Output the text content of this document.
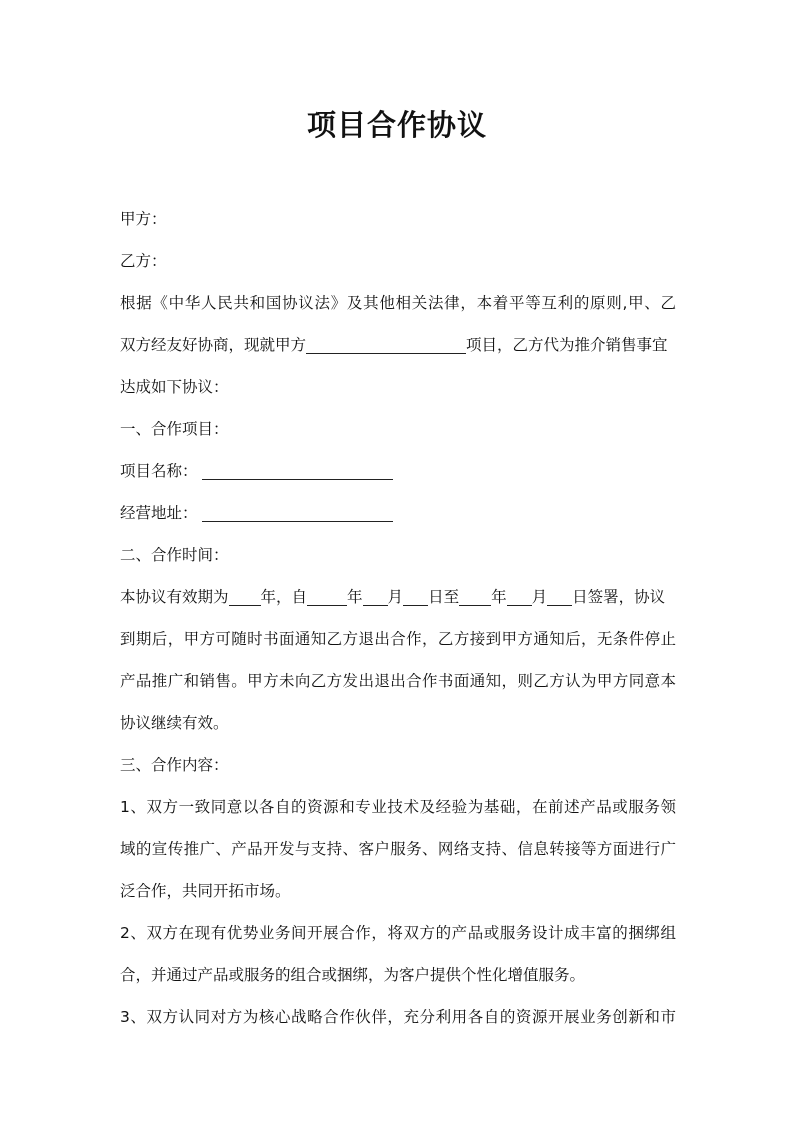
项目合作协议
甲方：
乙方：
根据《中华人民共和国协议法》及其他相关法律，本着平等互利的原则,甲、乙
双方经友好协商，现就甲方	项目，乙方代为推介销售事宜
达成如下协议：
一、合作项目：
项目名称：
经营地址：
二、合作时间：
本协议有效期为 年，自	年 月 日至 年 月 日签署，协议
到期后，甲方可随时书面通知乙方退出合作，乙方接到甲方通知后，无条件停止
产品推广和销售。甲方未向乙方发出退出合作书面通知，则乙方认为甲方同意本
协议继续有效。
三、合作内容：
1、双方一致同意以各自的资源和专业技术及经验为基础，在前述产品或服务领
域的宣传推广、产品开发与支持、客户服务、网络支持、信息转接等方面进行广
泛合作，共同开拓市场。
2、双方在现有优势业务间开展合作，将双方的产品或服务设计成丰富的捆绑组
合，并通过产品或服务的组合或捆绑，为客户提供个性化增值服务。
3、双方认同对方为核心战略合作伙伴，充分利用各自的资源开展业务创新和市
